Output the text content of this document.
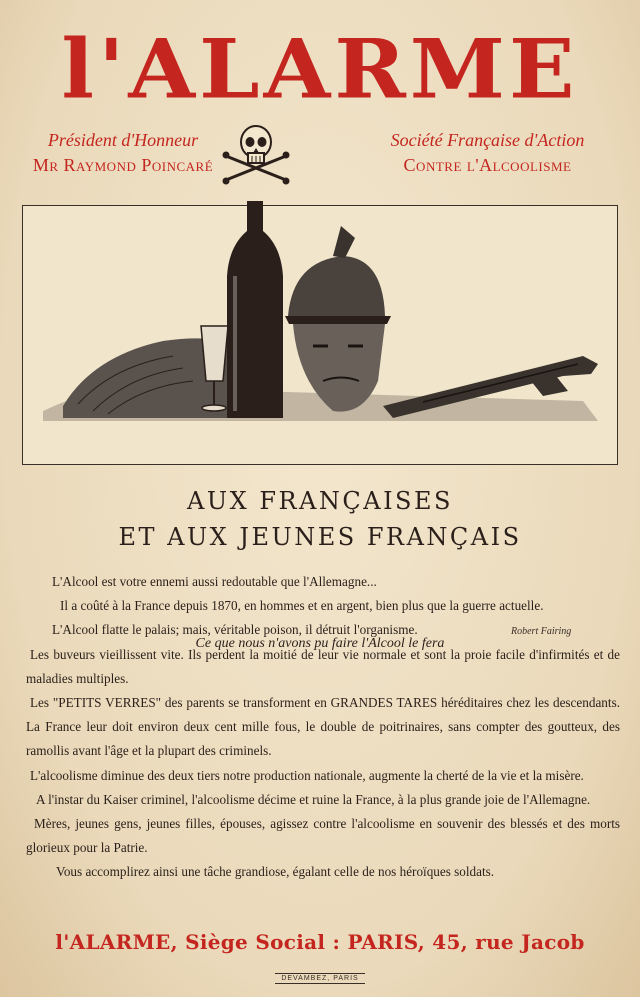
l'ALARME
Président d'Honneur
Mr Raymond Poincaré
Société Française d'Action
Contre l'Alcoolisme
Robert Fairing
Ce que nous n'avons pu faire l'Alcool le fera
AUX FRANÇAISES
ET AUX JEUNES FRANÇAIS

L'Alcool est votre ennemi aussi redoutable que l'Allemagne...

Il a coûté à la France depuis 1870, en hommes et en argent, bien plus que la guerre actuelle.

L'Alcool flatte le palais; mais, véritable poison, il détruit l'organisme.

Les buveurs vieillissent vite. Ils perdent la moitié de leur vie normale et sont la proie facile d'infirmités et de maladies multiples.

Les "PETITS VERRES" des parents se transforment en GRANDES TARES héréditaires chez les descendants. La France leur doit environ deux cent mille fous, le double de poitrinaires, sans compter des goutteux, des ramollis avant l'âge et la plupart des criminels.

L'alcoolisme diminue des deux tiers notre production nationale, augmente la cherté de la vie et la misère.

A l'instar du Kaiser criminel, l'alcoolisme décime et ruine la France, à la plus grande joie de l'Allemagne.

Mères, jeunes gens, jeunes filles, épouses, agissez contre l'alcoolisme en souvenir des blessés et des morts glorieux pour la Patrie.

Vous accomplirez ainsi une tâche grandiose, égalant celle de nos héroïques soldats.

l'ALARME, Siège Social : PARIS, 45, rue Jacob
DEVAMBEZ, PARIS
